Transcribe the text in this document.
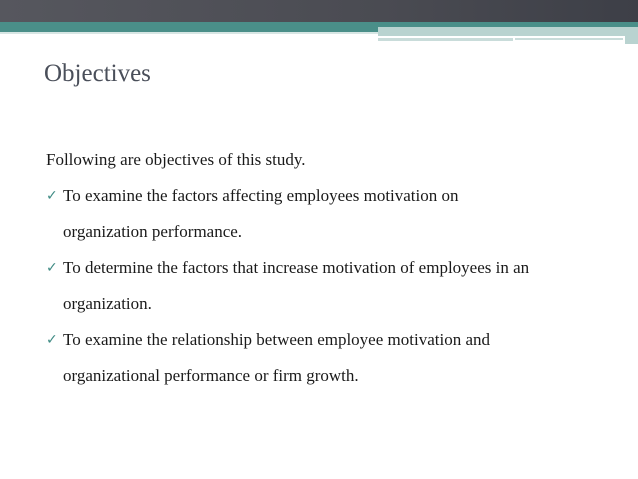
Objectives

Following are objectives of this study.

✓ To examine the factors affecting employees motivation on
organization performance.
✓ To determine the factors that increase motivation of employees in an
organization.
✓ To examine the relationship between employee motivation and
organizational performance or firm growth.
